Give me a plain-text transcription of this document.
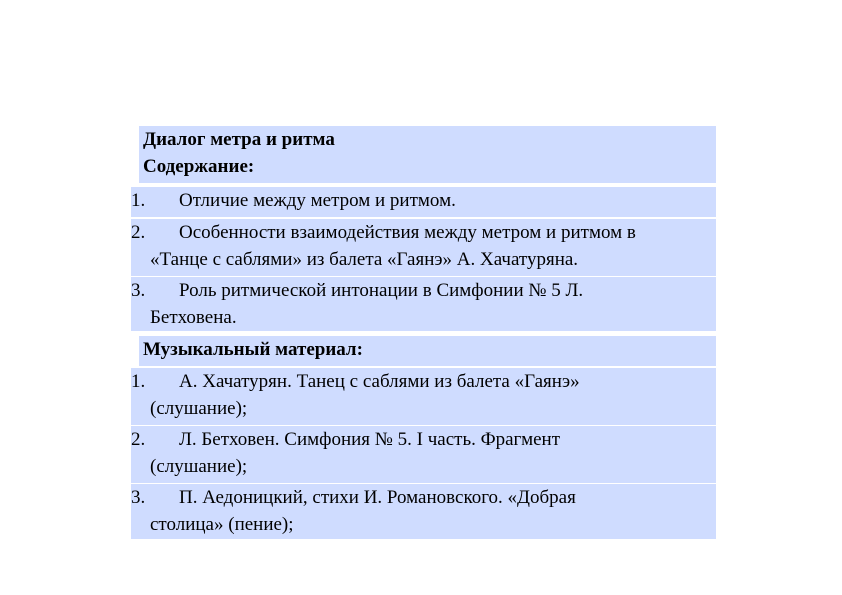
Диалог метра и ритма
Содержание:
1.	Отличие между метром и ритмом.
2.	Особенности взаимодействия между метром и ритмом в
«Танце с саблями» из балета «Гаянэ» А. Хачатуряна.
3.	Роль ритмической интонации в Симфонии № 5 Л.
Бетховена.
Музыкальный материал:
1.	А. Хачатурян. Танец с саблями из балета «Гаянэ»
(слушание);
2.	Л. Бетховен. Симфония № 5. I часть. Фрагмент
(слушание);
3.	П. Аедоницкий, стихи И. Романовского. «Добрая
столица» (пение);
